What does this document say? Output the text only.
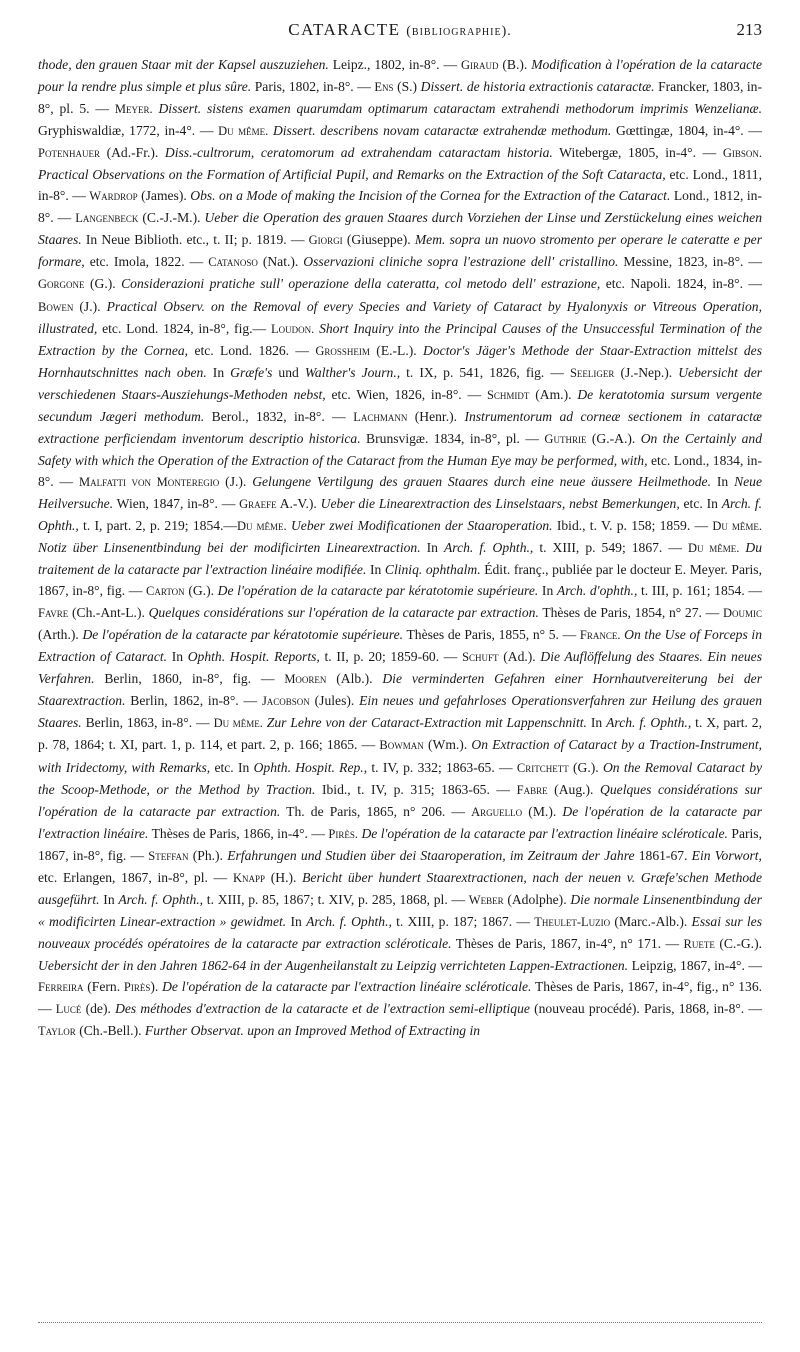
CATARACTE (bibliographie).	213

thode, den grauen Staar mit der Kapsel auszuziehen. Leipz., 1802, in-8°. — Giraud (B.). Modification à l'opération de la cataracte pour la rendre plus simple et plus sûre. Paris, 1802, in-8°. — Ens (S.) Dissert. de historia extractionis cataractæ. Francker, 1803, in-8°, pl. 5. — Meyer. Dissert. sistens examen quarumdam optimarum cataractam extrahendi methodorum imprimis Wenzelianæ. Gryphiswaldiæ, 1772, in-4°. — Du même. Dissert. describens novam cataractæ extrahendæ methodum. Gœttingæ, 1804, in-4°. — Potenhauer (Ad.-Fr.). Diss.-cultrorum, ceratomorum ad extrahendam cataractam historia. Witebergæ, 1805, in-4°. — Gibson. Practical Observations on the Formation of Artificial Pupil, and Remarks on the Extraction of the Soft Cataracta, etc. Lond., 1811, in-8°. — Wardrop (James). Obs. on a Mode of making the Incision of the Cornea for the Extraction of the Cataract. Lond., 1812, in-8°. — Langenbeck (C.-J.-M.). Ueber die Operation des grauen Staares durch Vorziehen der Linse und Zerstückelung eines weichen Staares. In Neue Biblioth. etc., t. II; p. 1819. — Giorgi (Giuseppe). Mem. sopra un nuovo stromento per operare le cateratte e per formare, etc. Imola, 1822. — Catanoso (Nat.). Osservazioni cliniche sopra l'estrazione dell' cristallino. Messine, 1823, in-8°. — Gorgone (G.). Considerazioni pratiche sull' operazione della cateratta, col metodo dell' estrazione, etc. Napoli. 1824, in-8°. — Bowen (J.). Practical Observ. on the Removal of every Species and Variety of Cataract by Hyalonyxis or Vitreous Operation, illustrated, etc. Lond. 1824, in-8°, fig.— Loudon. Short Inquiry into the Principal Causes of the Unsuccessful Termination of the Extraction by the Cornea, etc. Lond. 1826. — Grossheim (E.-L.). Doctor's Jäger's Methode der Staar-Extraction mittelst des Hornhautschnittes nach oben. In Græfe's und Walther's Journ., t. IX, p. 541, 1826, fig. — Seeliger (J.-Nep.). Uebersicht der verschiedenen Staars-Ausziehungs-Methoden nebst, etc. Wien, 1826, in-8°. — Schmidt (Am.). De keratotomia sursum vergente secundum Jægeri methodum. Berol., 1832, in-8°. — Lachmann (Henr.). Instrumentorum ad corneæ sectionem in cataractæ extractione perficiendam inventorum descriptio historica. Brunsvigæ. 1834, in-8°, pl. — Guthrie (G.-A.). On the Certainly and Safety with which the Operation of the Extraction of the Cataract from the Human Eye may be performed, with, etc. Lond., 1834, in-8°. — Malfatti von Monteregio (J.). Gelungene Vertilgung des grauen Staares durch eine neue äussere Heilmethode. In Neue Heilversuche. Wien, 1847, in-8°. — Graefe A.-V.). Ueber die Linearextraction des Linselstaars, nebst Bemerkungen, etc. In Arch. f. Ophth., t. I, part. 2, p. 219; 1854.—Du même. Ueber zwei Modificationen der Staaroperation. Ibid., t. V. p. 158; 1859. — Du même. Notiz über Linsenentbindung bei der modificirten Linearextraction. In Arch. f. Ophth., t. XIII, p. 549; 1867. — Du même. Du traitement de la cataracte par l'extraction linéaire modifiée. In Cliniq. ophthalm. Édit. franç., publiée par le docteur E. Meyer. Paris, 1867, in-8°, fig. — Carton (G.). De l'opération de la cataracte par kératotomie supérieure. In Arch. d'ophth., t. III, p. 161; 1854. — Favre (Ch.-Ant-L.). Quelques considérations sur l'opération de la cataracte par extraction. Thèses de Paris, 1854, n° 27. — Doumic (Arth.). De l'opération de la cataracte par kératotomie supérieure. Thèses de Paris, 1855, n° 5. — France. On the Use of Forceps in Extraction of Cataract. In Ophth. Hospit. Reports, t. II, p. 20; 1859-60. — Schuft (Ad.). Die Auflöffelung des Staares. Ein neues Verfahren. Berlin, 1860, in-8°, fig. — Mooren (Alb.). Die verminderten Gefahren einer Hornhautvereiterung bei der Staarextraction. Berlin, 1862, in-8°. — Jacobson (Jules). Ein neues und gefahrloses Operationsverfahren zur Heilung des grauen Staares. Berlin, 1863, in-8°. — Du même. Zur Lehre von der Cataract-Extraction mit Lappenschnitt. In Arch. f. Ophth., t. X, part. 2, p. 78, 1864; t. XI, part. 1, p. 114, et part. 2, p. 166; 1865. — Bowman (Wm.). On Extraction of Cataract by a Traction-Instrument, with Iridectomy, with Remarks, etc. In Ophth. Hospit. Rep., t. IV, p. 332; 1863-65. — Critchett (G.). On the Removal Cataract by the Scoop-Methode, or the Method by Traction. Ibid., t. IV, p. 315; 1863-65. — Fabre (Aug.). Quelques considérations sur l'opération de la cataracte par extraction. Th. de Paris, 1865, n° 206. — Arguello (M.). De l'opération de la cataracte par l'extraction linéaire. Thèses de Paris, 1866, in-4°. — Pirès. De l'opération de la cataracte par l'extraction linéaire scléroticale. Paris, 1867, in-8°, fig. — Steffan (Ph.). Erfahrungen und Studien über dei Staaroperation, im Zeitraum der Jahre 1861-67. Ein Vorwort, etc. Erlangen, 1867, in-8°, pl. — Knapp (H.). Bericht über hundert Staarextractionen, nach der neuen v. Græfe'schen Methode ausgeführt. In Arch. f. Ophth., t. XIII, p. 85, 1867; t. XIV, p. 285, 1868, pl. — Weber (Adolphe). Die normale Linsenentbindung der « modificirten Linear-extraction » gewidmet. In Arch. f. Ophth., t. XIII, p. 187; 1867. — Theulet-Luzio (Marc.-Alb.). Essai sur les nouveaux procédés opératoires de la cataracte par extraction scléroticale. Thèses de Paris, 1867, in-4°, n° 171. — Ruete (C.-G.). Uebersicht der in den Jahren 1862-64 in der Augenheilanstalt zu Leipzig verrichteten Lappen-Extractionen. Leipzig, 1867, in-4°. — Ferreira (Fern. Pirès). De l'opération de la cataracte par l'extraction linéaire scléroticale. Thèses de Paris, 1867, in-4°, fig., n° 136. — Lucé (de). Des méthodes d'extraction de la cataracte et de l'extraction semi-elliptique (nouveau procédé). Paris, 1868, in-8°. — Taylor (Ch.-Bell.). Further Observat. upon an Improved Method of Extracting in
